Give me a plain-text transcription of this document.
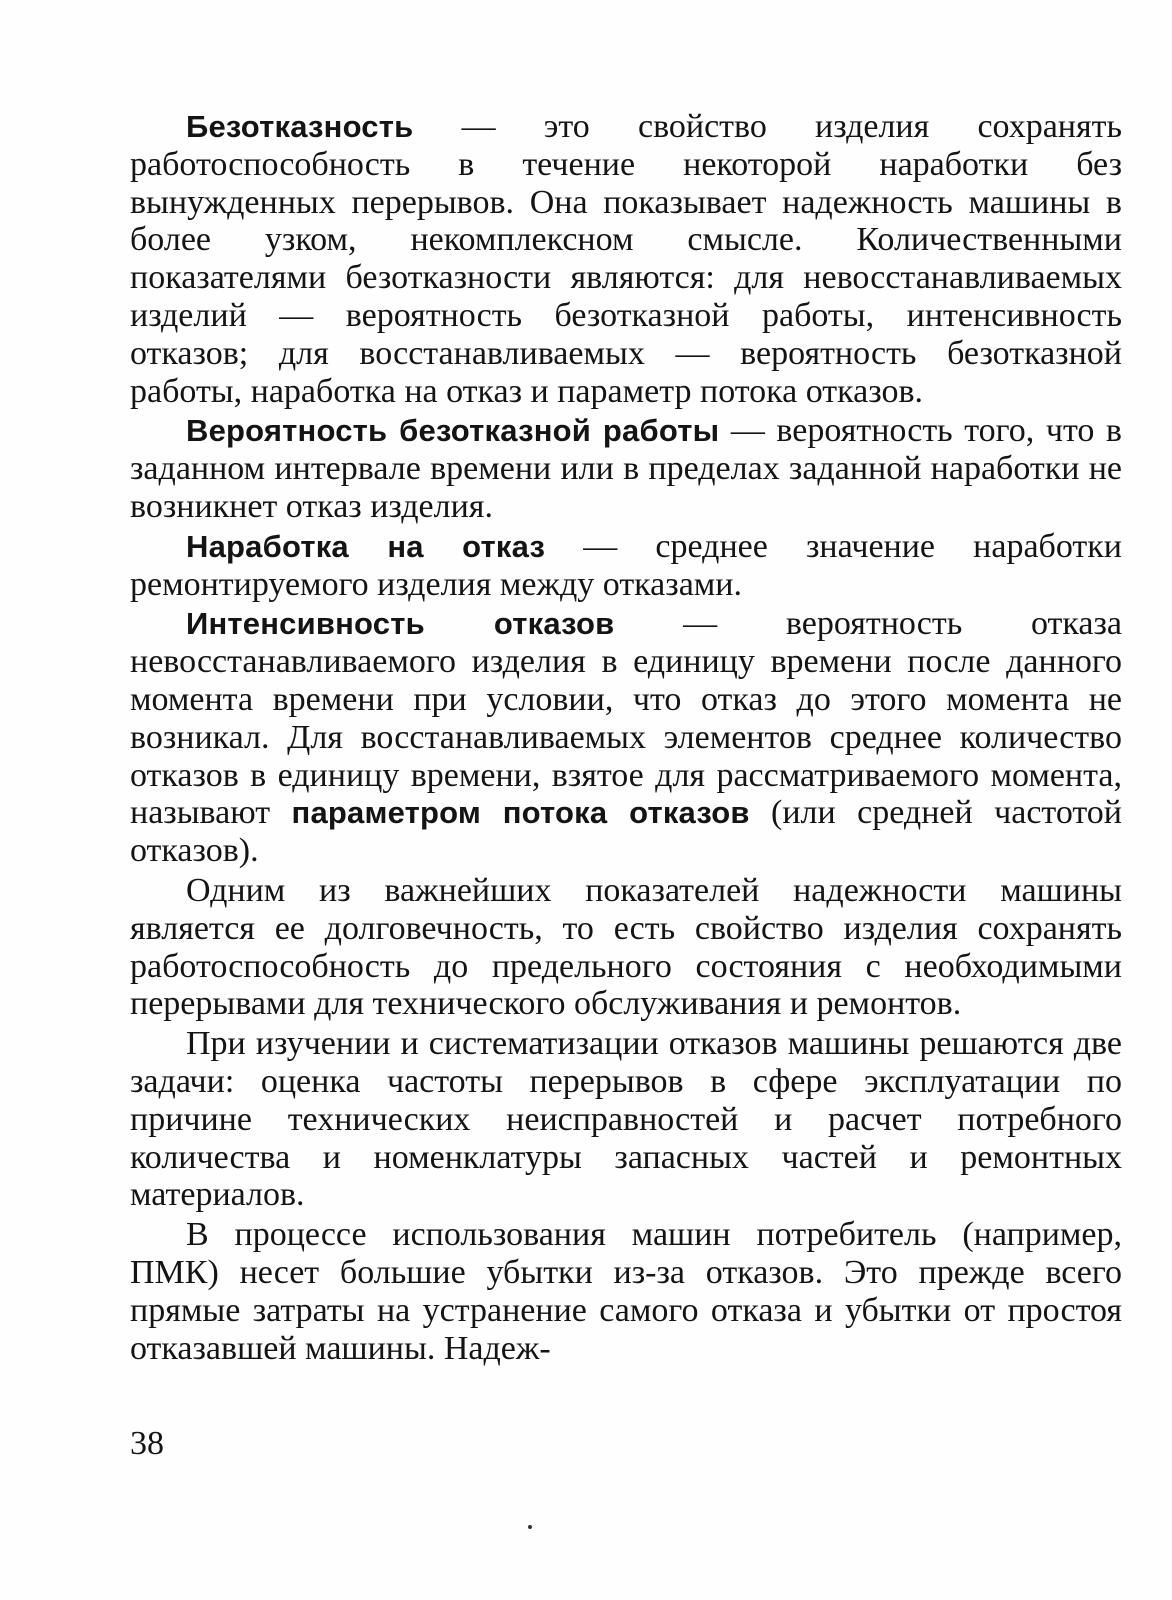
Безотказность — это свойство изделия сохранять работоспособность в течение некоторой наработки без вынужденных перерывов. Она показывает надежность машины в более узком, некомплексном смысле. Количественными показателями безотказности являются: для невосстанавливаемых изделий — вероятность безотказной работы, интенсивность отказов; для восстанавливаемых — вероятность безотказной работы, наработка на отказ и параметр потока отказов.

Вероятность безотказной работы — вероятность того, что в заданном интервале времени или в пределах заданной наработки не возникнет отказ изделия.

Наработка на отказ — среднее значение наработки ремонтируемого изделия между отказами.

Интенсивность отказов — вероятность отказа невосстанавливаемого изделия в единицу времени после данного момента времени при условии, что отказ до этого момента не возникал. Для восстанавливаемых элементов среднее количество отказов в единицу времени, взятое для рассматриваемого момента, называют параметром потока отказов (или средней частотой отказов).

Одним из важнейших показателей надежности машины является ее долговечность, то есть свойство изделия сохранять работоспособность до предельного состояния с необходимыми перерывами для технического обслуживания и ремонтов.

При изучении и систематизации отказов машины решаются две задачи: оценка частоты перерывов в сфере эксплуатации по причине технических неисправностей и расчет потребного количества и номенклатуры запасных частей и ремонтных материалов.

В процессе использования машин потребитель (например, ПМК) несет большие убытки из-за отказов. Это прежде всего прямые затраты на устранение самого отказа и убытки от простоя отказавшей машины. Надеж-

38
